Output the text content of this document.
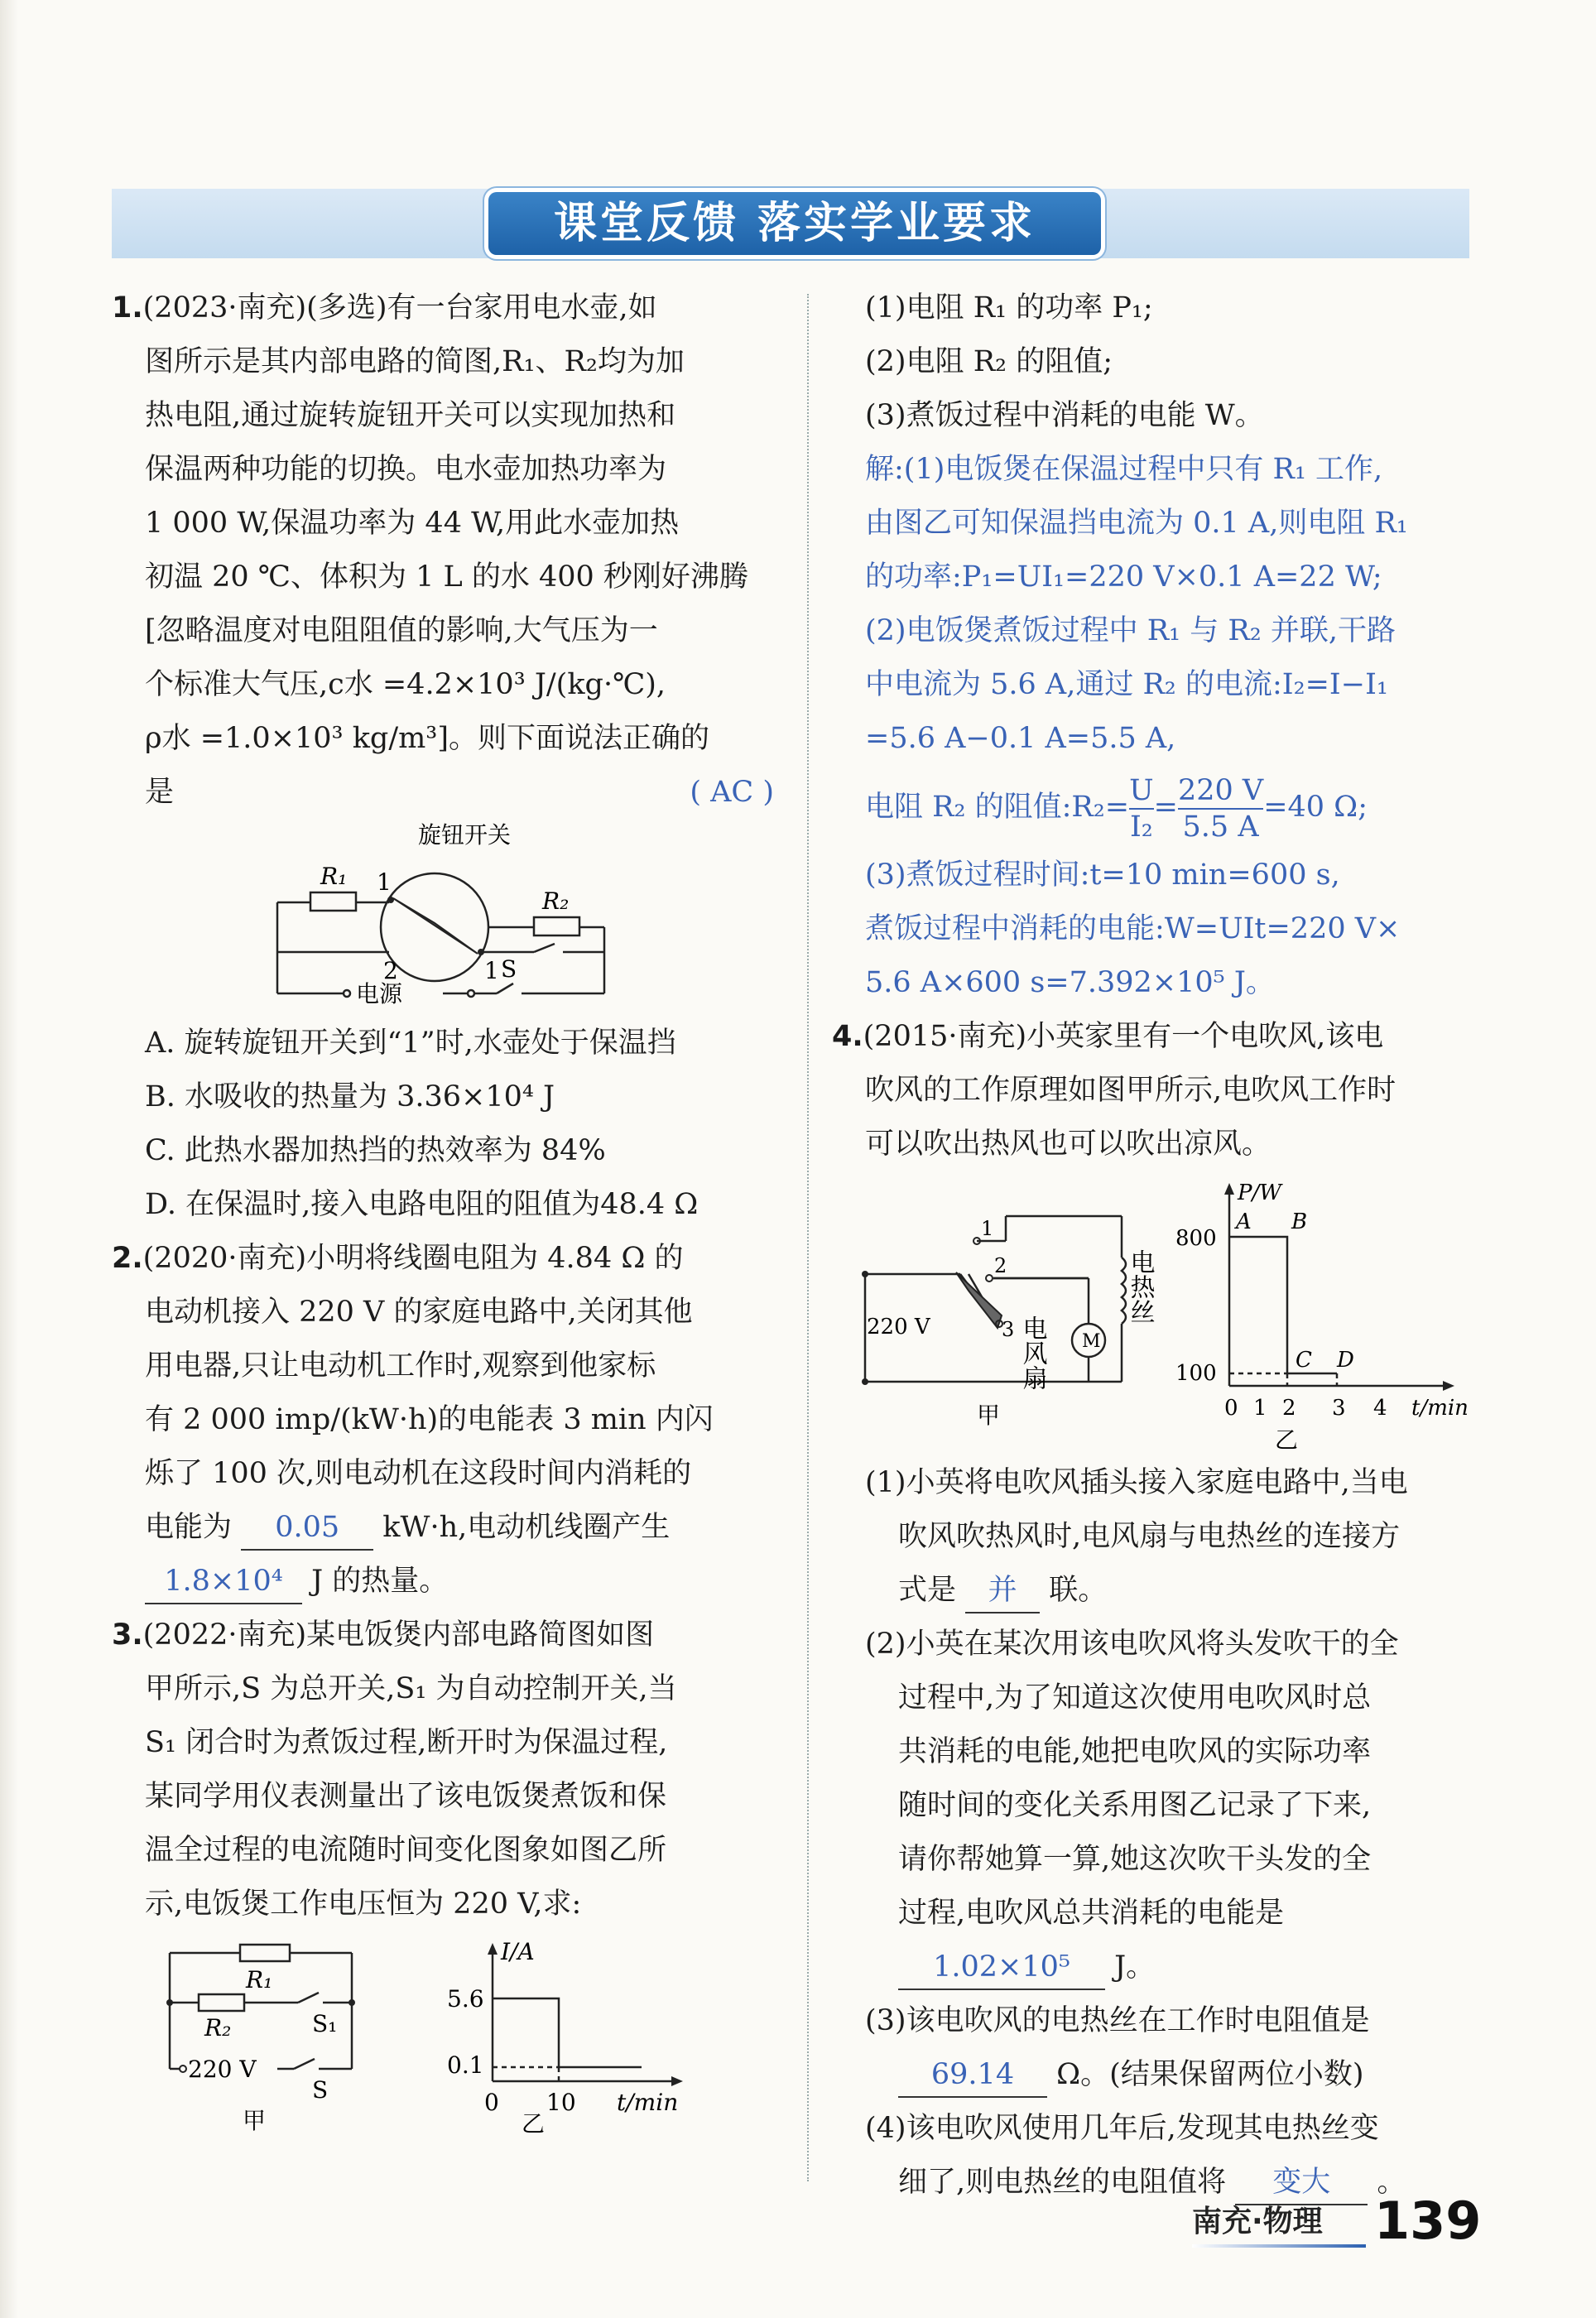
课堂反馈 落实学业要求

1.(2023·南充)(多选)有一台家用电水壶,如

图所示是其内部电路的简图,R₁、R₂均为加

热电阻,通过旋转旋钮开关可以实现加热和

保温两种功能的切换。电水壶加热功率为

1 000 W,保温功率为 44 W,用此水壶加热

初温 20 ℃、体积为 1 L 的水 400 秒刚好沸腾

[忽略温度对电阻阻值的影响,大气压为一

个标准大气压,c水 =4.2×10³ J/(kg·℃),

ρ水 =1.0×10³ kg/m³]。则下面说法正确的

是	( AC )

R₁
R₂
旋钮开关
1
2	1 S
电源

A. 旋转旋钮开关到“1”时,水壶处于保温挡

B. 水吸收的热量为 3.36×10⁴ J

C. 此热水器加热挡的热效率为 84%

D. 在保温时,接入电路电阻的阻值为48.4 Ω

2.(2020·南充)小明将线圈电阻为 4.84 Ω 的

电动机接入 220 V 的家庭电路中,关闭其他

用电器,只让电动机工作时,观察到他家标

有 2 000 imp/(kW·h)的电能表 3 min 内闪

烁了 100 次,则电动机在这段时间内消耗的

电能为 0.05 kW·h,电动机线圈产生

1.8×10⁴ J 的热量。

3.(2022·南充)某电饭煲内部电路简图如图

甲所示,S 为总开关,S₁ 为自动控制开关,当

S₁ 闭合时为煮饭过程,断开时为保温过程,

某同学用仪表测量出了该电饭煲煮饭和保

温全过程的电流随时间变化图象如图乙所

示,电饭煲工作电压恒为 220 V,求:

R₁
R₂	S₁
220 V
S
甲
I/A
t/min
5.6
0.1
0 10
乙

(1)电阻 R₁ 的功率 P₁;

(2)电阻 R₂ 的阻值;

(3)煮饭过程中消耗的电能 W。

解:(1)电饭煲在保温过程中只有 R₁ 工作,

由图乙可知保温挡电流为 0.1 A,则电阻 R₁

的功率:P₁=UI₁=220 V×0.1 A=22 W;

(2)电饭煲煮饭过程中 R₁ 与 R₂ 并联,干路

中电流为 5.6 A,通过 R₂ 的电流:I₂=I−I₁

=5.6 A−0.1 A=5.5 A,

电阻 R₂ 的阻值:R₂= $\frac{U}{\text{I₂}} = \frac{220 V}{5.5 A} =40$ Ω;

(3)煮饭过程时间:t=10 min=600 s,

煮饭过程中消耗的电能:W=UIt=220 V×

5.6 A×600 s=7.392×10⁵ J。

4.(2015·南充)小英家里有一个电吹风,该电

吹风的工作原理如图甲所示,电吹风工作时

可以吹出热风也可以吹出凉风。

220 V
1
2
3 电风扇 M
电热丝
甲
P/W
t/min
800
100
A B
C D
0 1 2 3 4
乙

(1)小英将电吹风插头接入家庭电路中,当电

吹风吹热风时,电风扇与电热丝的连接方

式是 并 联。

(2)小英在某次用该电吹风将头发吹干的全

过程中,为了知道这次使用电吹风时总

共消耗的电能,她把电吹风的实际功率

随时间的变化关系用图乙记录了下来,

请你帮她算一算,她这次吹干头发的全

过程,电吹风总共消耗的电能是

1.02×10⁵ J。

(3)该电吹风的电热丝在工作时电阻值是

69.14 Ω。(结果保留两位小数)

(4)该电吹风使用几年后,发现其电热丝变

细了,则电热丝的电阻值将 变大 。

南充·物理 139
